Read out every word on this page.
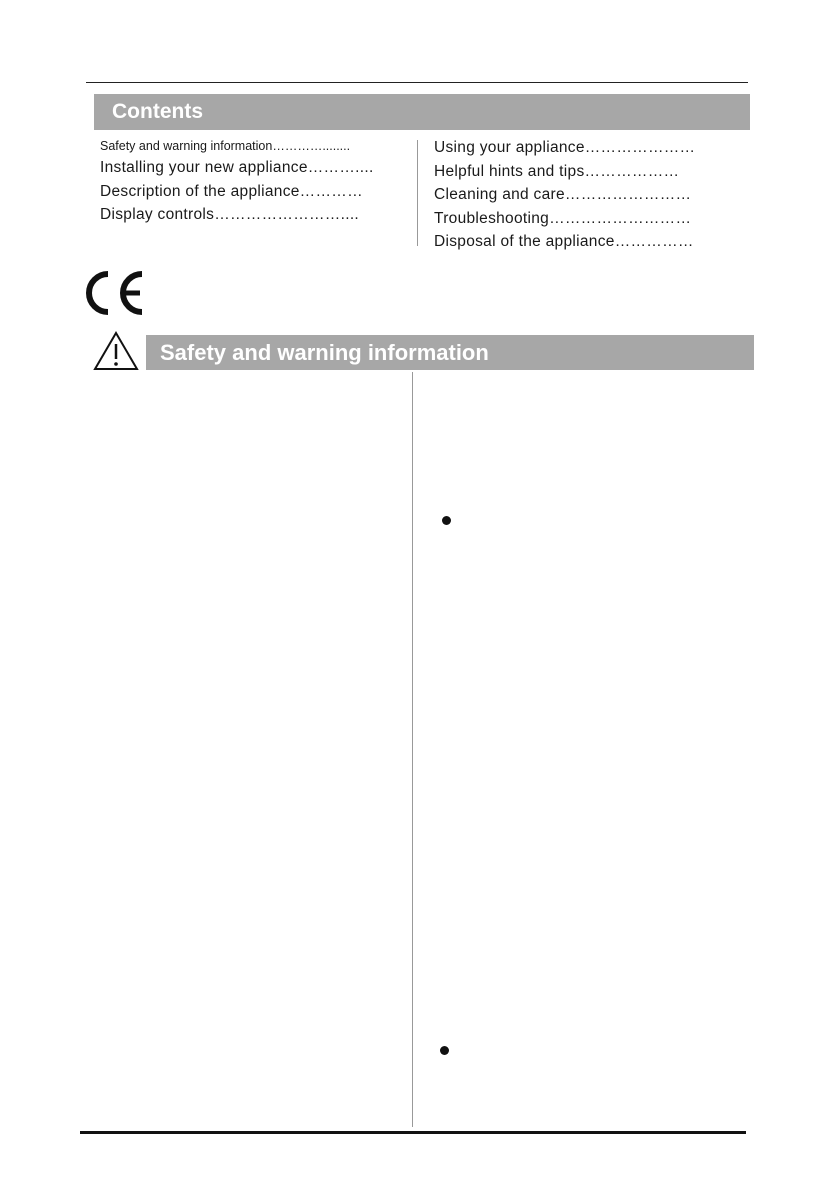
Contents
Safety and warning information…………........
Installing your new appliance………....
Description of the appliance…………
Display controls……………………....
Using your appliance…………………
Helpful hints and tips………………
Cleaning and care……………………
Troubleshooting………………………
Disposal of the appliance……………
Safety and warning information
